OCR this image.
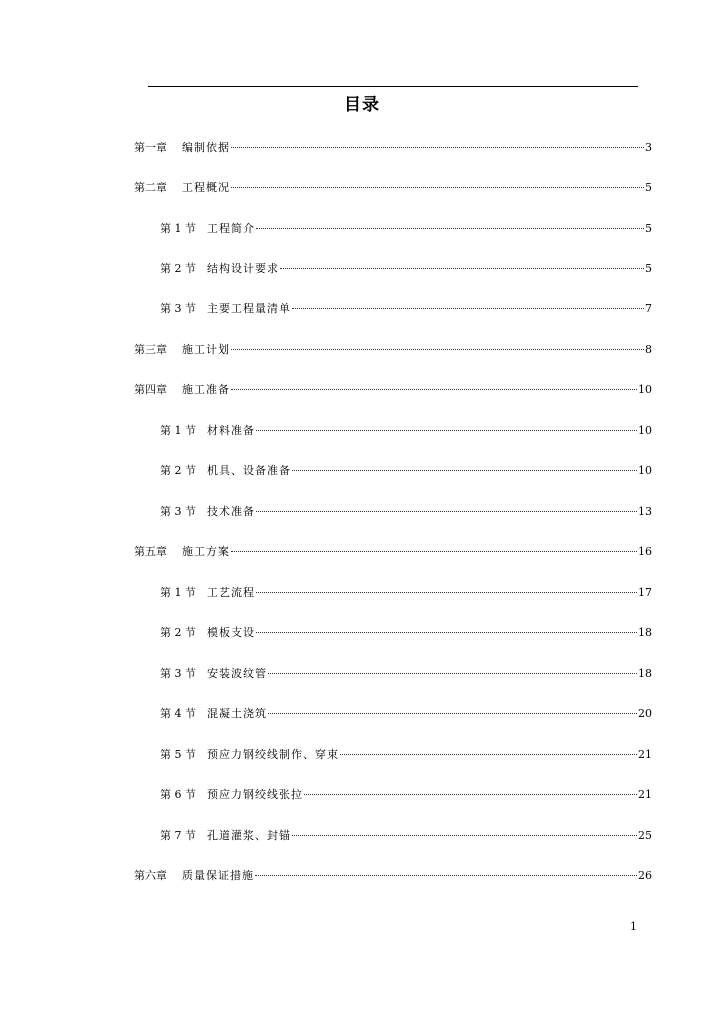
目录
第一章	编制依据	3
第二章	工程概况	5
第 1 节	工程简介	5
第 2 节	结构设计要求	5
第 3 节	主要工程量清单	7
第三章	施工计划	8
第四章	施工准备	10
第 1 节	材料准备	10
第 2 节	机具、设备准备	10
第 3 节	技术准备	13
第五章	施工方案	16
第 1 节	工艺流程	17
第 2 节	模板支设	18
第 3 节	安装波纹管	18
第 4 节	混凝土浇筑	20
第 5 节	预应力钢绞线制作、穿束	21
第 6 节	预应力钢绞线张拉	21
第 7 节	孔道灌浆、封锚	25
第六章	质量保证措施	26
1
